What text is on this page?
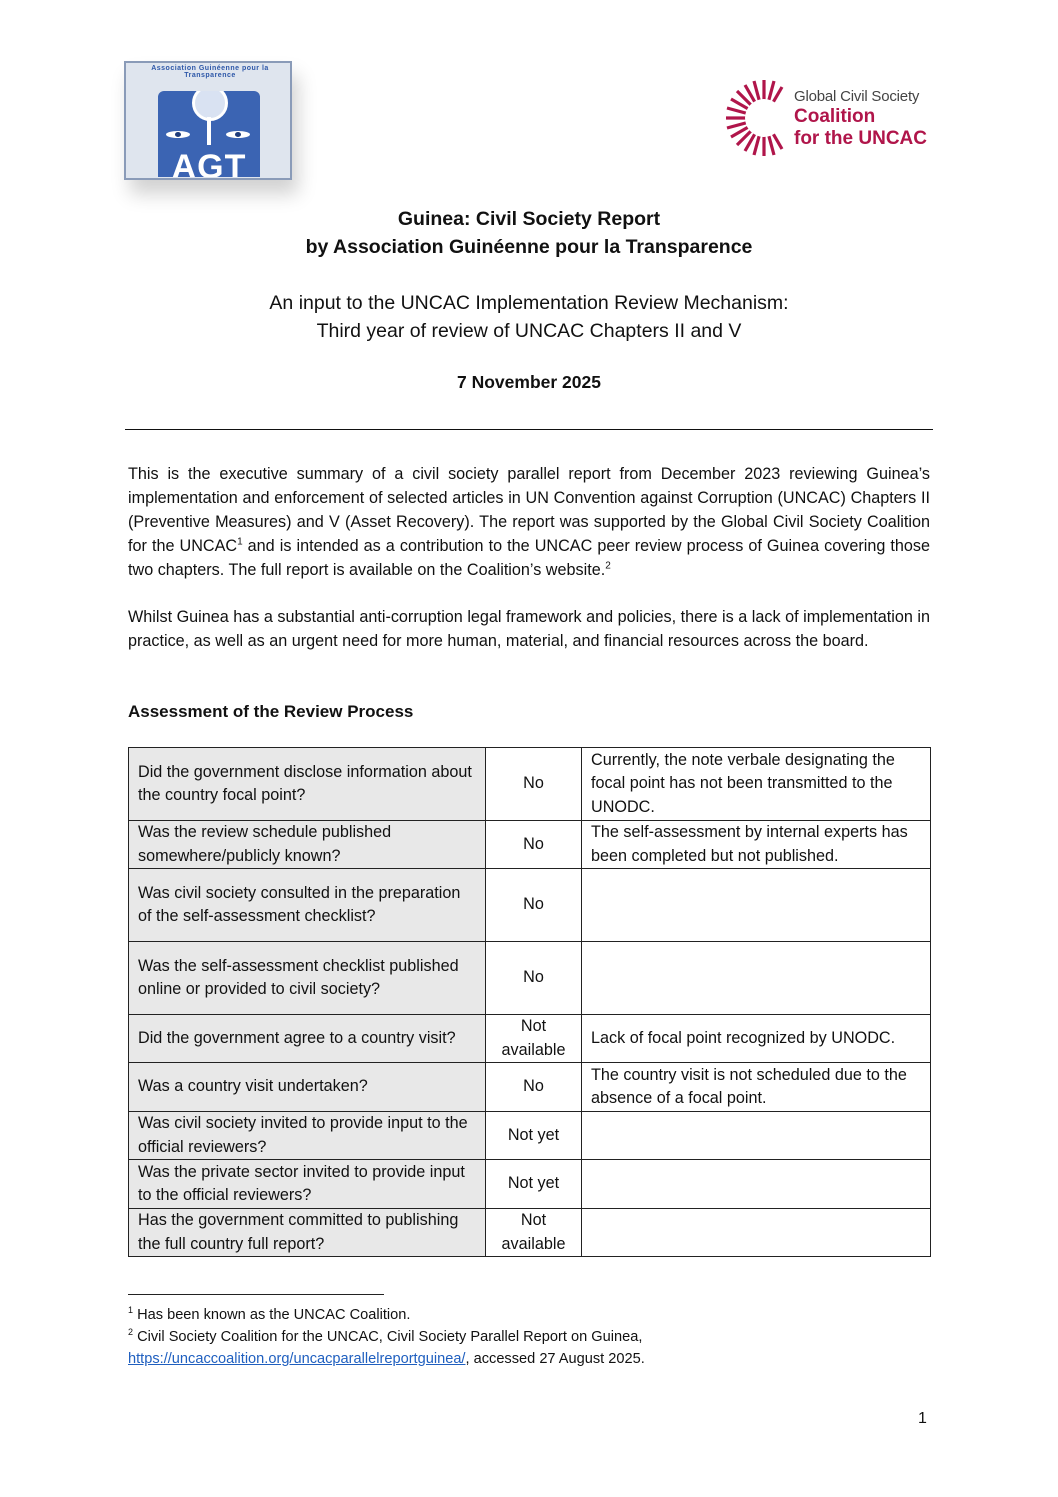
Association Guinéenne pour la Transparence
AGT
Global Civil Society
Coalition
for the UNCAC
Guinea: Civil Society Report
by Association Guinéenne pour la Transparence
An input to the UNCAC Implementation Review Mechanism:
Third year of review of UNCAC Chapters II and V
7 November 2025
This is the executive summary of a civil society parallel report from December 2023 reviewing Guinea’s implementation and enforcement of selected articles in UN Convention against Corruption (UNCAC) Chapters II (Preventive Measures) and V (Asset Recovery). The report was supported by the Global Civil Society Coalition for the UNCAC$^1$ and is intended as a contribution to the UNCAC peer review process of Guinea covering those two chapters. The full report is available on the Coalition’s website.$^2$
Whilst Guinea has a substantial anti-corruption legal framework and policies, there is a lack of implementation in practice, as well as an urgent need for more human, material, and financial resources across the board.
Assessment of the Review Process
Did the government disclose information about the country focal point?	No	Currently, the note verbale designating the focal point has not been transmitted to the UNODC.
Was the review schedule published somewhere/publicly known?	No	The self-assessment by internal experts has been completed but not published.
Was civil society consulted in the preparation of the self-assessment checklist?	No	
Was the self-assessment checklist published online or provided to civil society?	No	
Did the government agree to a country visit?	Not available	Lack of focal point recognized by UNODC.
Was a country visit undertaken?	No	The country visit is not scheduled due to the absence of a focal point.
Was civil society invited to provide input to the official reviewers?	Not yet	
Was the private sector invited to provide input to the official reviewers?	Not yet	
Has the government committed to publishing the full country full report?	Not available	
$^1$ Has been known as the UNCAC Coalition.
$^2$ Civil Society Coalition for the UNCAC, Civil Society Parallel Report on Guinea,
https://uncaccoalition.org/uncacparallelreportguinea/, accessed 27 August 2025.
1
